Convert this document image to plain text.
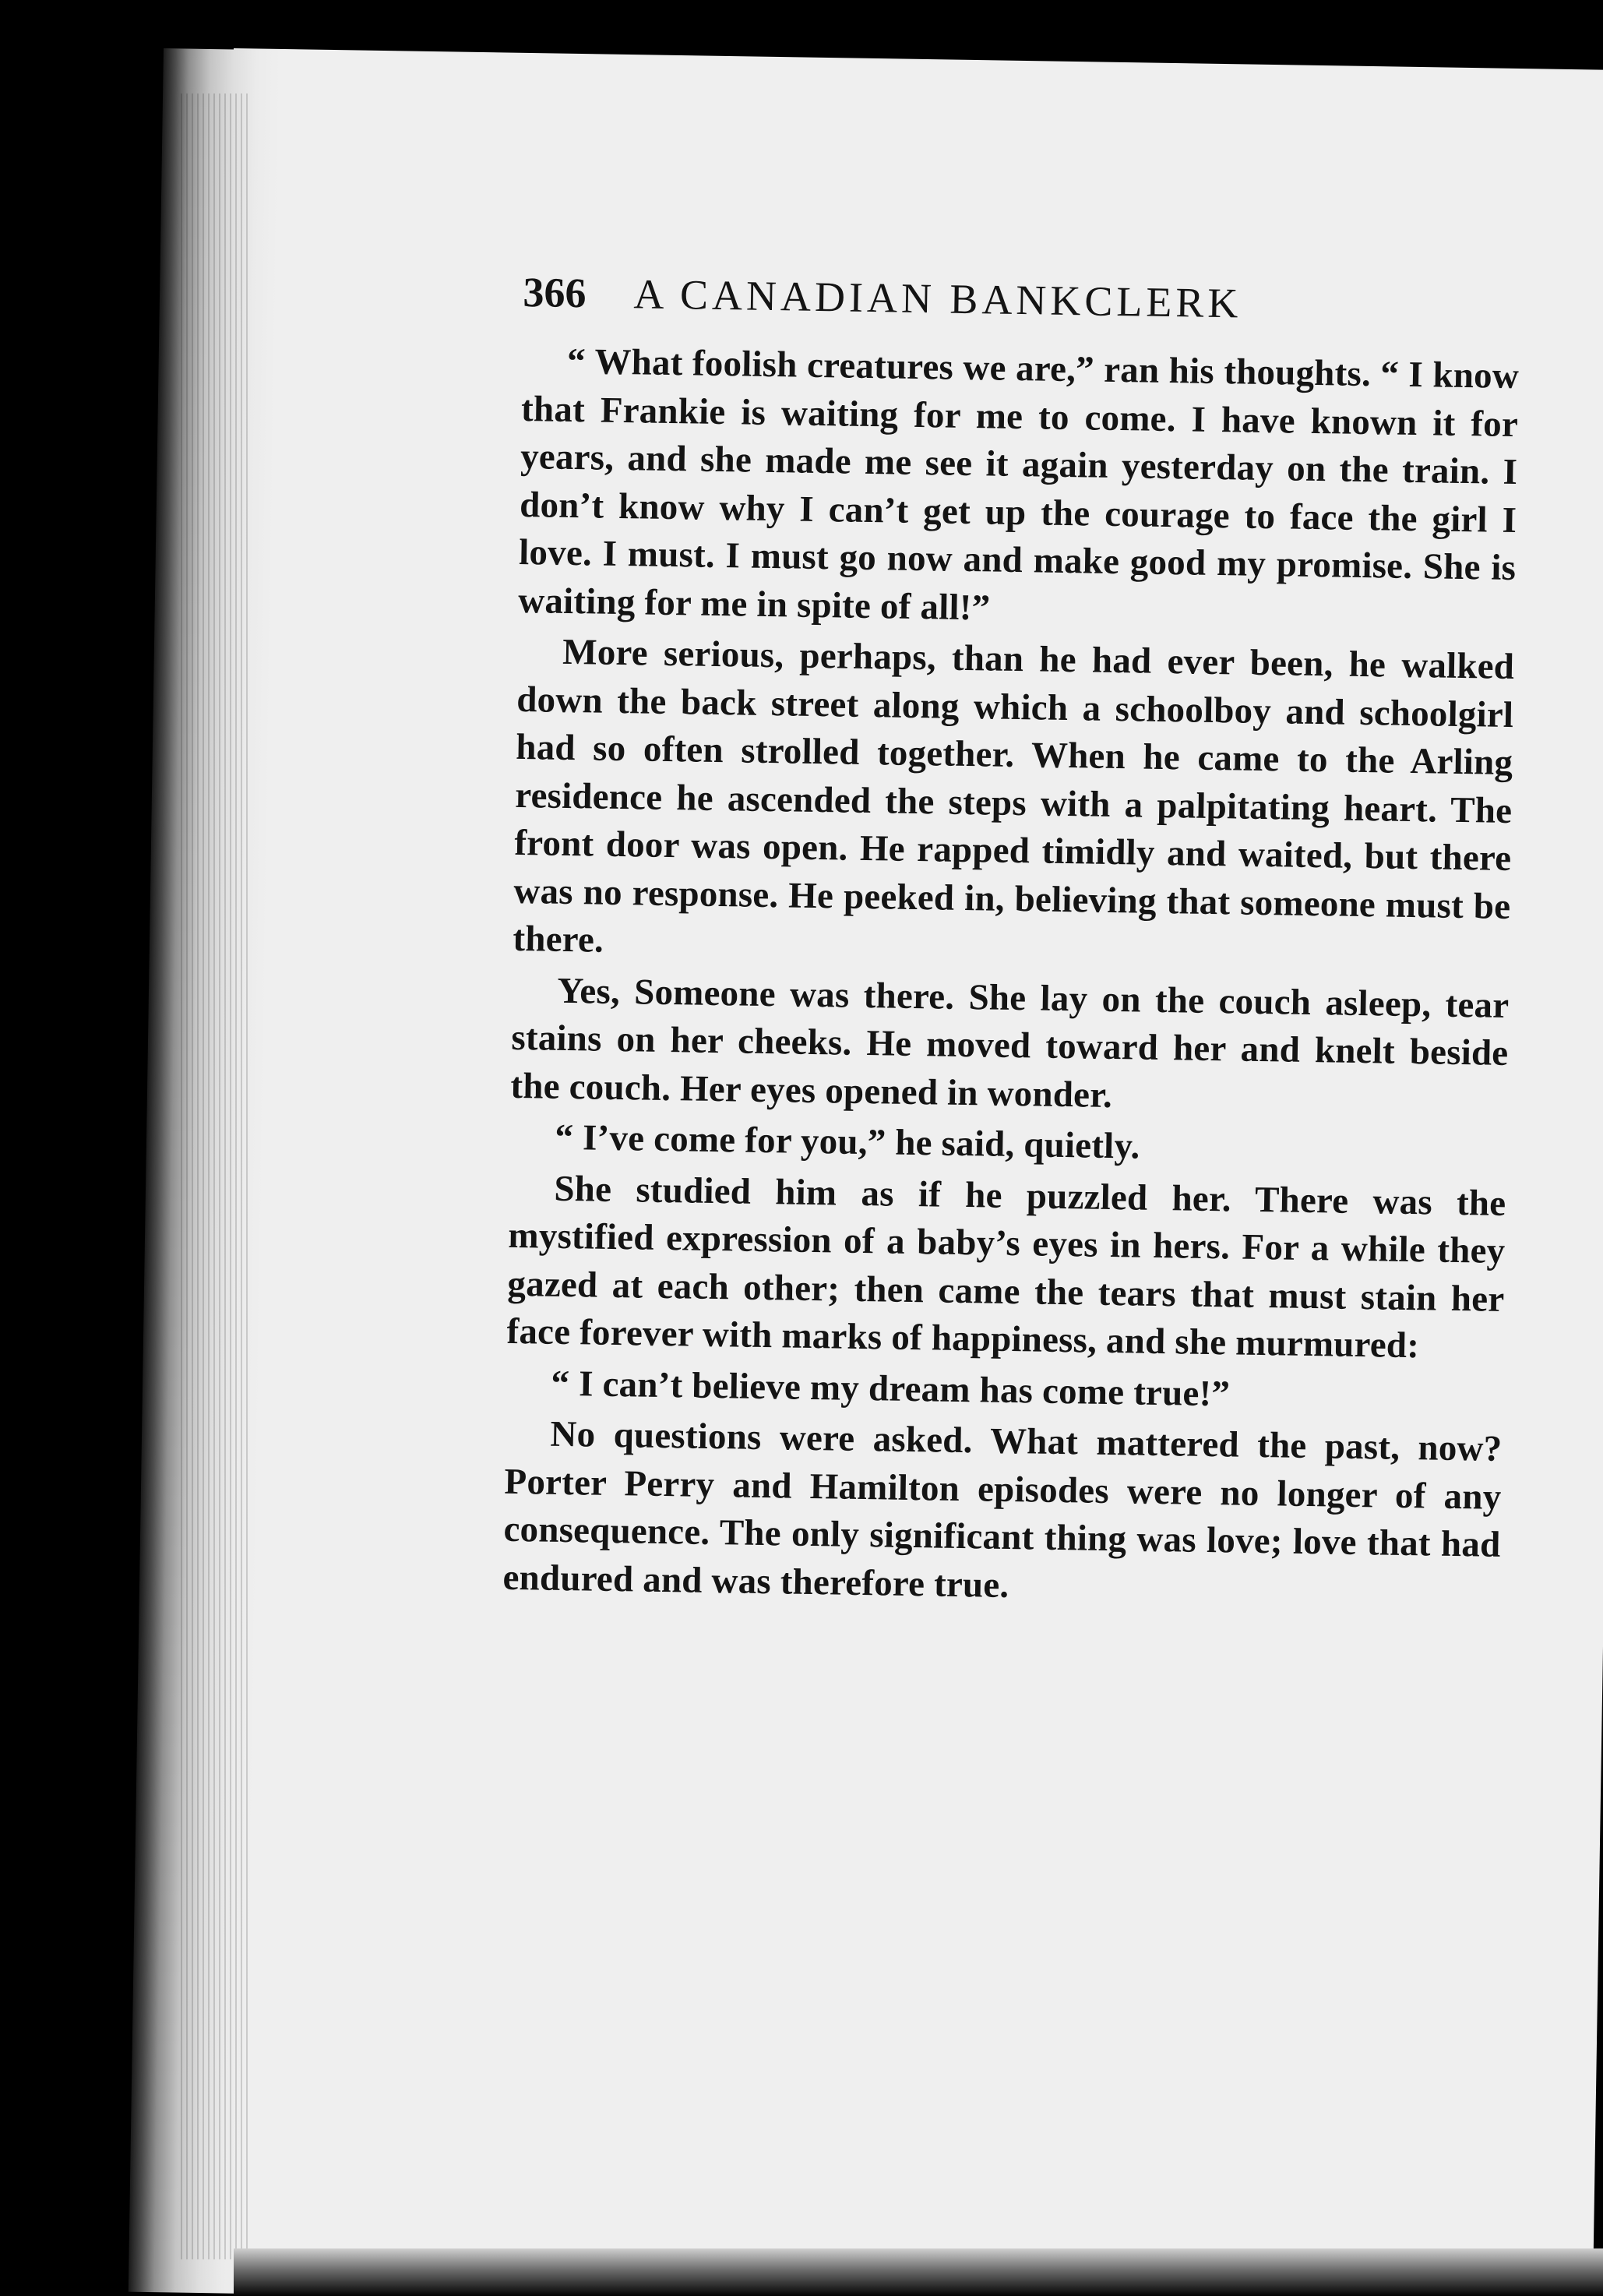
366	A CANADIAN BANKCLERK

“ What foolish creatures we are,” ran his thoughts. “ I know that Frankie is waiting for me to come. I have known it for years, and she made me see it again yesterday on the train. I don’t know why I can’t get up the courage to face the girl I love. I must. I must go now and make good my promise. She is waiting for me in spite of all!”

More serious, perhaps, than he had ever been, he walked down the back street along which a schoolboy and schoolgirl had so often strolled together. When he came to the Arling residence he ascended the steps with a palpitating heart. The front door was open. He rapped timidly and waited, but there was no response. He peeked in, believing that someone must be there.

Yes, Someone was there. She lay on the couch asleep, tear stains on her cheeks. He moved toward her and knelt beside the couch. Her eyes opened in wonder.

“ I’ve come for you,” he said, quietly.

She studied him as if he puzzled her. There was the mystified expression of a baby’s eyes in hers. For a while they gazed at each other; then came the tears that must stain her face forever with marks of happiness, and she murmured:

“ I can’t believe my dream has come true!”

No questions were asked. What mattered the past, now? Porter Perry and Hamilton episodes were no longer of any consequence. The only significant thing was love; love that had endured and was therefore true.
